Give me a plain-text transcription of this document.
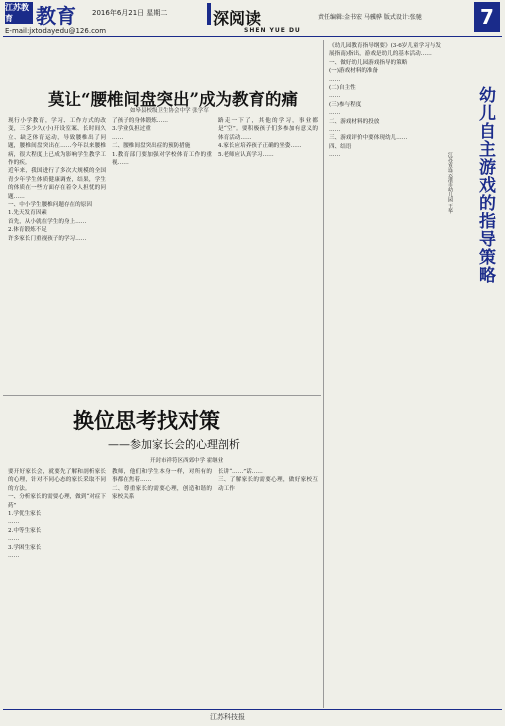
江苏教育	教育 2016年6月21日 星期二
E-mail:jxtodayedu@126.com
深阅读
SHEN YUE DU
责任编辑:金书宏 马骥骅 版式设计:张驰	7
莫让“腰椎间盘突出”成为教育的痛
如皋县校级卫生协会中学 张学军
现行小学教育，学习、工作方式的改变，三多少久(小)开设室案、长时间久立、缺乏体育运动，导致腰椎出了问题，腰椎间盘突出在……今年以来腰椎病，很大程度上已成为影响学生教学工作的疾。
近年来，我国进行了多次大规模的全国青少年学生体质健康调查，结果，学生的体质在一些方面存在着令人担忧的问题……
一、中小学生腰椎问题存在的原因
1.先天发育因素
首先，从小就在学生的身上……
2.体育锻炼不足
许多家长门重视孩子的学习……
了孩子的身体锻炼……
3.学业负担过重
……
二、腰椎间盘突出症的预防措施
1.教育部门要加强对学校体育工作的重视……
路走一下了，其他的学习，事业都是“空”。要积极孩子们多参加有意义的体育活动……
4.家长应培养孩子正确的坐姿……
5.老师应认真学习……
换位思考找对策
——参加家长会的心理剖析
开封市祥符区西郊中学 霍继业
要开好家长会，就要先了解和剖析家长的心理，针对不同心态的家长采取不同的方法。
一、分析家长的需要心理，做到“对症下药”
1.学优生家长
……
2.中等生家长
……
3.学困生家长
……
教师，他们和学生本身一样，对所有的事都在焦着……
二、尊重家长的需要心理，创造和谐的家校关系
长讲“……”话……
三、了解家长的需要心理，做好家校互动工作
幼儿自主游戏的指导策略
江苏省连云港市幼儿园 王华
《幼儿园教育指导纲要》(3-6岁儿童学习与发展指南)指出，游戏是幼儿的基本活动……
一、做好幼儿园游戏指导的策略
(一)游戏材料的准备
……
(二)自主性
……
(三)参与程度
……
二、游戏材料的投放
……
三、游戏评价中要体现幼儿……
四、结语
……
江苏科技报
